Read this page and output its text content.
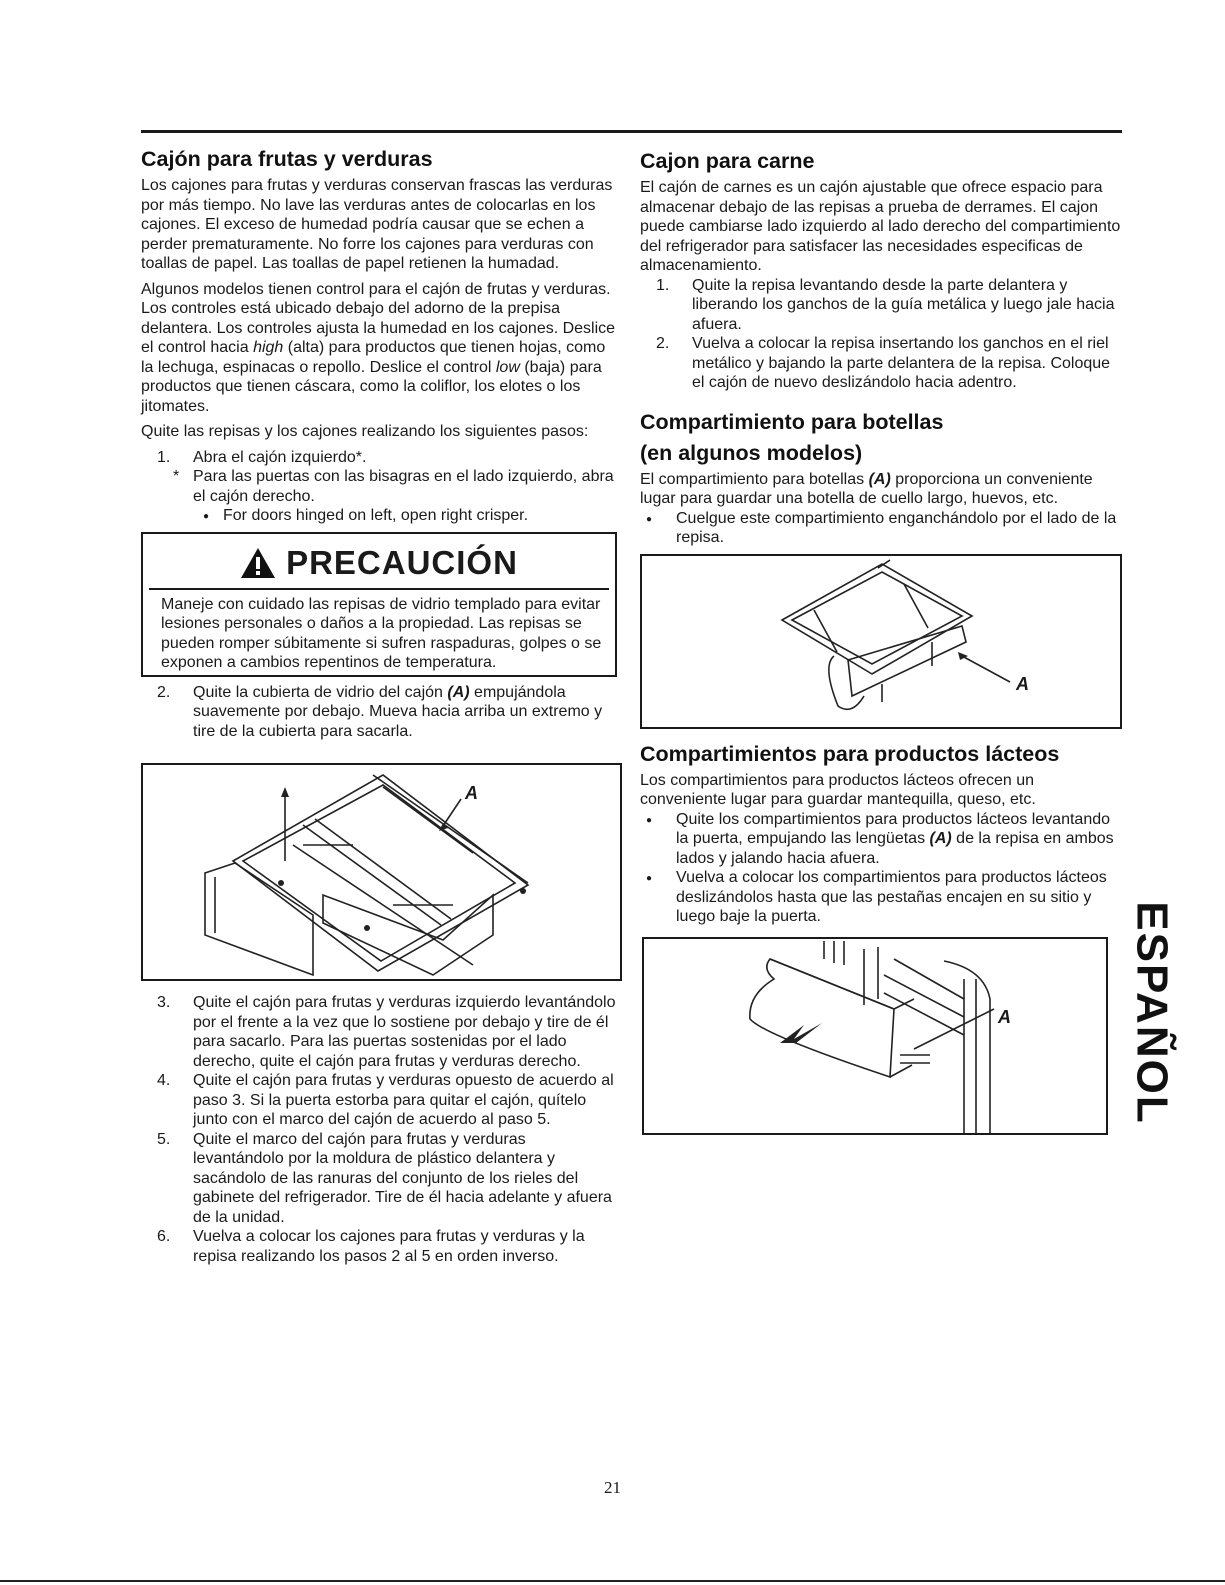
Cajón para frutas y verduras

Los cajones para frutas y verduras conservan frascas las verduras por más tiempo. No lave las verduras antes de colocarlas en los cajones. El exceso de humedad podría causar que se echen a perder prematuramente. No forre los cajones para verduras con toallas de papel. Las toallas de papel retienen la humadad.

Algunos modelos tienen control para el cajón de frutas y verduras. Los controles está ubicado debajo del adorno de la prepisa delantera. Los controles ajusta la humedad en los cajones. Deslice el control hacia high (alta) para productos que tienen hojas, como la lechuga, espinacas o repollo. Deslice el control low (baja) para productos que tienen cáscara, como la coliflor, los elotes o los jitomates.

Quite las repisas y los cajones realizando los siguientes pasos:

1. Abra el cajón izquierdo*.

* Para las puertas con las bisagras en el lado izquierdo, abra el cajón derecho.

● For doors hinged on left, open right crisper.

PRECAUCIÓN
Maneje con cuidado las repisas de vidrio templado para evitar lesiones personales o daños a la propiedad. Las repisas se pueden romper súbitamente si sufren raspaduras, golpes o se exponen a cambios repentinos de temperatura.
2. Quite la cubierta de vidrio del cajón (A) empujándola suavemente por debajo. Mueva hacia arriba un extremo y tire de la cubierta para sacarla.
A
3. Quite el cajón para frutas y verduras izquierdo levantándolo por el frente a la vez que lo sostiene por debajo y tire de él para sacarlo. Para las puertas sostenidas por el lado derecho, quite el cajón para frutas y verduras derecho.
4. Quite el cajón para frutas y verduras opuesto de acuerdo al paso 3. Si la puerta estorba para quitar el cajón, quítelo junto con el marco del cajón de acuerdo al paso 5.
5. Quite el marco del cajón para frutas y verduras levantándolo por la moldura de plástico delantera y sacándolo de las ranuras del conjunto de los rieles del gabinete del refrigerador. Tire de él hacia adelante y afuera de la unidad.
6. Vuelva a colocar los cajones para frutas y verduras y la repisa realizando los pasos 2 al 5 en orden inverso.
Cajon para carne

El cajón de carnes es un cajón ajustable que ofrece espacio para almacenar debajo de las repisas a prueba de derrames. El cajon puede cambiarse lado izquierdo al lado derecho del compartimiento del refrigerador para satisfacer las necesidades especificas de almacenamiento.

1. Quite la repisa levantando desde la parte delantera y liberando los ganchos de la guía metálica y luego jale hacia afuera.
2. Vuelva a colocar la repisa insertando los ganchos en el riel metálico y bajando la parte delantera de la repisa. Coloque el cajón de nuevo deslizándolo hacia adentro.
Compartimiento para botellas
(en algunos modelos)

El compartimiento para botellas (A) proporciona un conveniente lugar para guardar una botella de cuello largo, huevos, etc.

● Cuelgue este compartimiento enganchándolo por el lado de la repisa.

A
Compartimientos para productos lácteos

Los compartimientos para productos lácteos ofrecen un conveniente lugar para guardar mantequilla, queso, etc.

● Quite los compartimientos para productos lácteos levantando la puerta, empujando las lengüetas (A) de la repisa en ambos lados y jalando hacia afuera.

● Vuelva a colocar los compartimientos para productos lácteos deslizándolos hasta que las pestañas encajen en su sitio y luego baje la puerta.

A	ESPAÑOL
21
